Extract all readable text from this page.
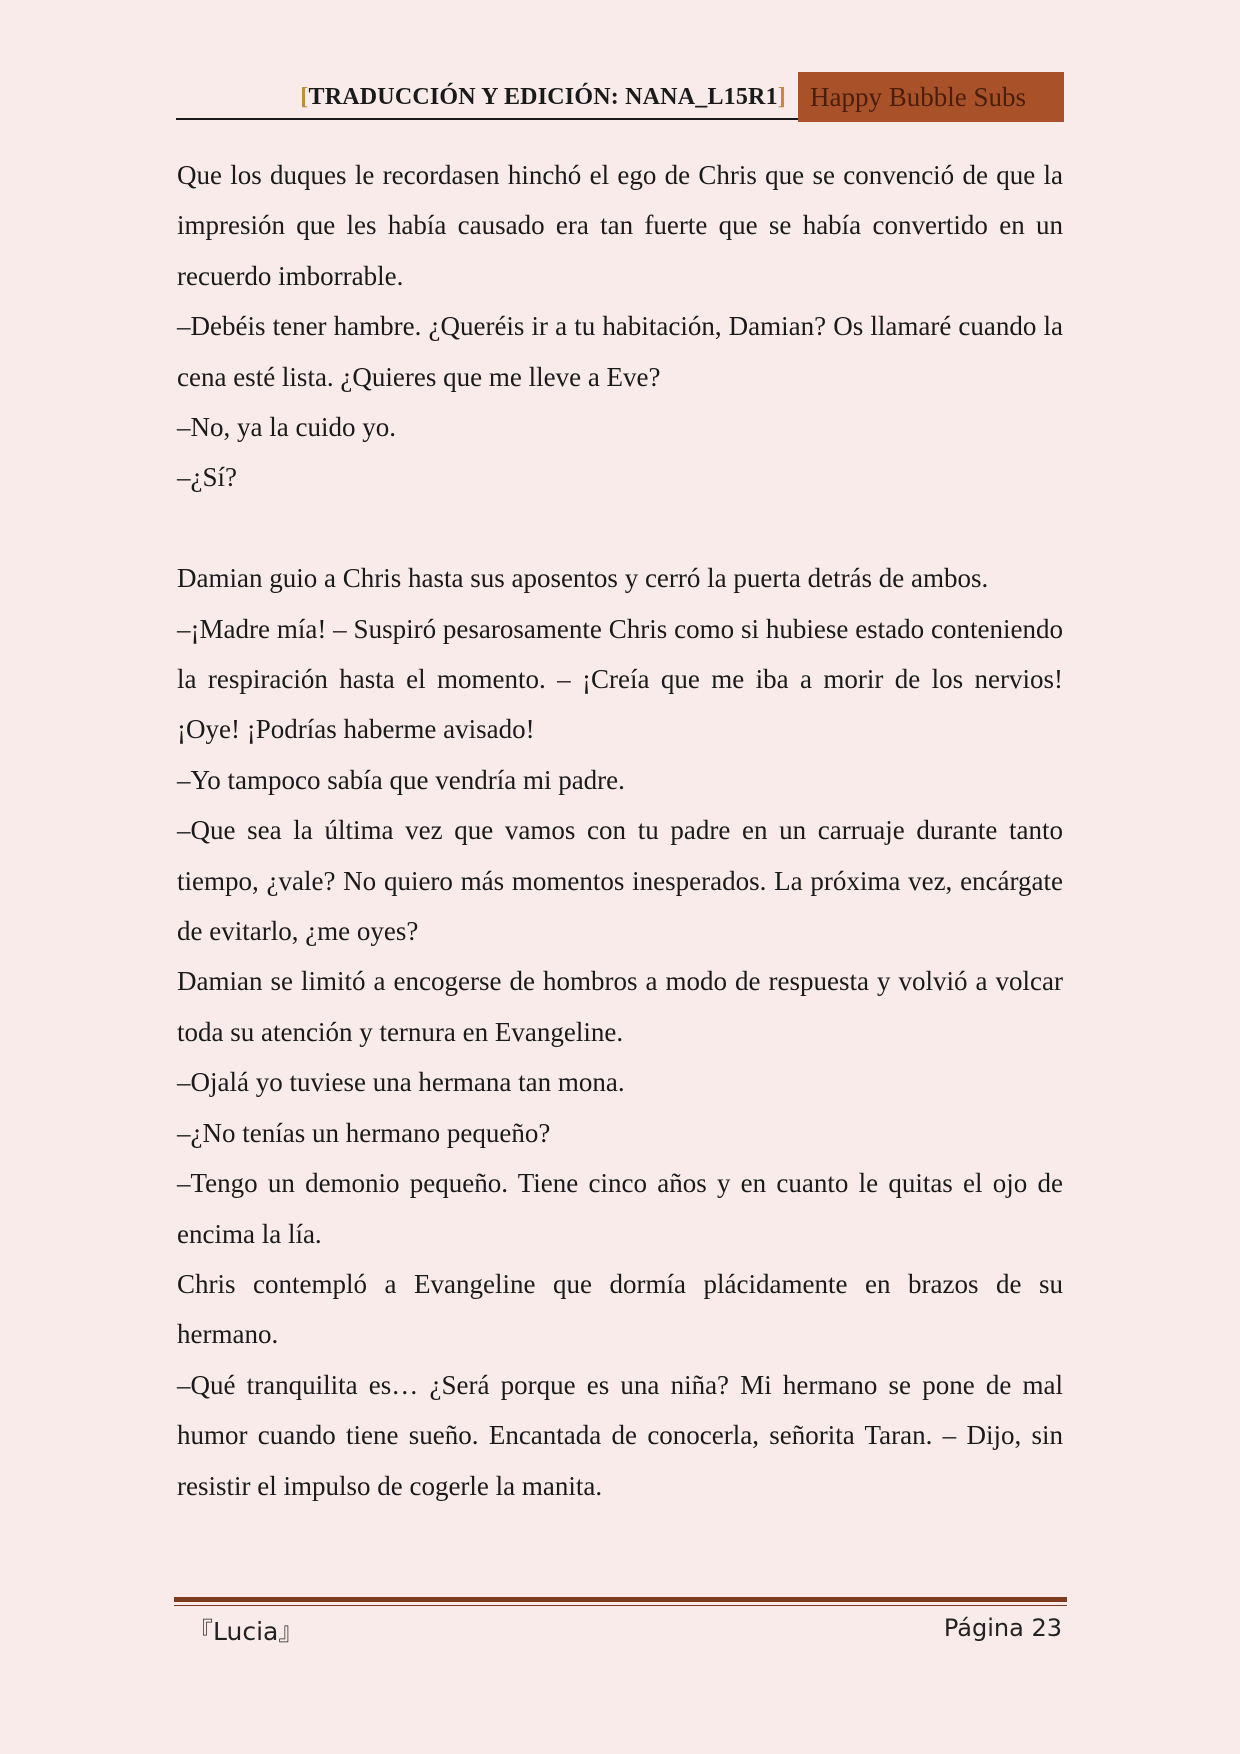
[TRADUCCIÓN Y EDICIÓN: NANA_L15R1] Happy Bubble Subs

Que los duques le recordasen hinchó el ego de Chris que se convenció de que la impresión que les había causado era tan fuerte que se había convertido en un recuerdo imborrable.

–Debéis tener hambre. ¿Queréis ir a tu habitación, Damian? Os llamaré cuando la cena esté lista. ¿Quieres que me lleve a Eve?

–No, ya la cuido yo.

–¿Sí?

Damian guio a Chris hasta sus aposentos y cerró la puerta detrás de ambos.

–¡Madre mía! – Suspiró pesarosamente Chris como si hubiese estado conteniendo la respiración hasta el momento. – ¡Creía que me iba a morir de los nervios! ¡Oye! ¡Podrías haberme avisado!

–Yo tampoco sabía que vendría mi padre.

–Que sea la última vez que vamos con tu padre en un carruaje durante tanto tiempo, ¿vale? No quiero más momentos inesperados. La próxima vez, encárgate de evitarlo, ¿me oyes?

Damian se limitó a encogerse de hombros a modo de respuesta y volvió a volcar toda su atención y ternura en Evangeline.

–Ojalá yo tuviese una hermana tan mona.

–¿No tenías un hermano pequeño?

–Tengo un demonio pequeño. Tiene cinco años y en cuanto le quitas el ojo de encima la lía.

Chris contempló a Evangeline que dormía plácidamente en brazos de su hermano.

–Qué tranquilita es… ¿Será porque es una niña? Mi hermano se pone de mal humor cuando tiene sueño. Encantada de conocerla, señorita Taran. – Dijo, sin resistir el impulso de cogerle la manita.

『Lucia』	Página 23
